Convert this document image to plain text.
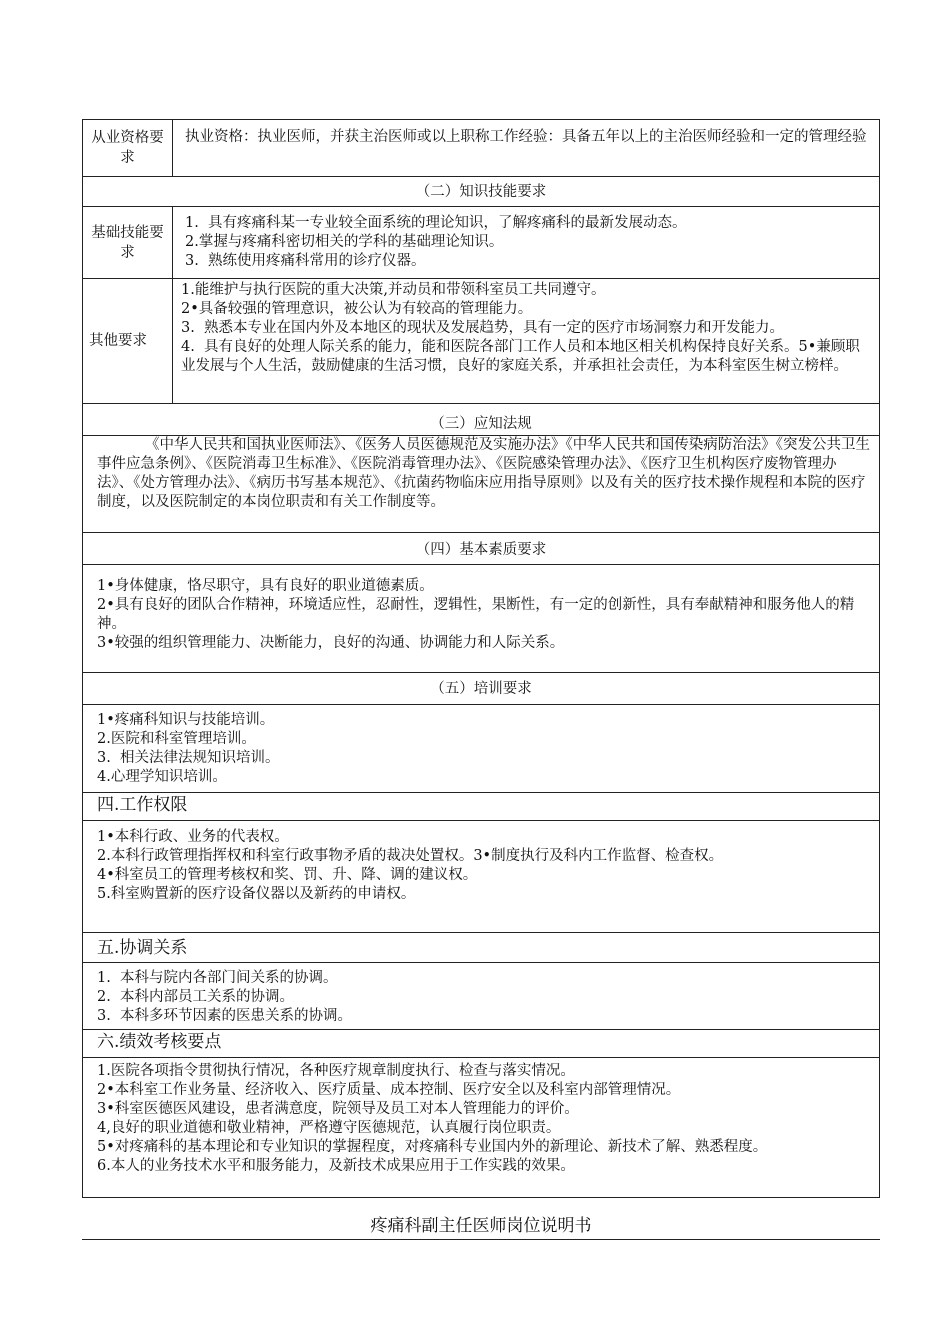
从业资格要求
执业资格：执业医师，并获主治医师或以上职称工作经验：具备五年以上的主治医师经验和一定的管理经验
（二）知识技能要求
基础技能要求
1.  具有疼痛科某一专业较全面系统的理论知识，了解疼痛科的最新发展动态。
2.掌握与疼痛科密切相关的学科的基础理论知识。
3.  熟练使用疼痛科常用的诊疗仪器。
其他要求
1.能维护与执行医院的重大决策,并动员和带领科室员工共同遵守。
2•具备较强的管理意识，被公认为有较高的管理能力。
3.  熟悉本专业在国内外及本地区的现状及发展趋势，具有一定的医疗市场洞察力和开发能力。
4.  具有良好的处理人际关系的能力，能和医院各部门工作人员和本地区相关机构保持良好关系。5•兼顾职业发展与个人生活，鼓励健康的生活习惯，良好的家庭关系，并承担社会责任，为本科室医生树立榜样。
（三）应知法规
《中华人民共和国执业医师法》、《医务人员医德规范及实施办法》《中华人民共和国传染病防治法》《突发公共卫生事件应急条例》、《医院消毒卫生标准》、《医院消毒管理办法》、《医院感染管理办法》、《医疗卫生机构医疗废物管理办法》、《处方管理办法》、《病历书写基本规范》、《抗菌药物临床应用指导原则》以及有关的医疗技术操作规程和本院的医疗制度，以及医院制定的本岗位职责和有关工作制度等。
（四）基本素质要求
1•身体健康，恪尽职守，具有良好的职业道德素质。
2•具有良好的团队合作精神，环境适应性，忍耐性，逻辑性，果断性，有一定的创新性，具有奉献精神和服务他人的精神。
3•较强的组织管理能力、决断能力，良好的沟通、协调能力和人际关系。
（五）培训要求
1•疼痛科知识与技能培训。
2.医院和科室管理培训。
3.  相关法律法规知识培训。
4.心理学知识培训。
四.工作权限
1•本科行政、业务的代表权。
2.本科行政管理指挥权和科室行政事物矛盾的裁决处置权。3•制度执行及科内工作监督、检查权。
4•科室员工的管理考核权和奖、罚、升、降、调的建议权。
5.科室购置新的医疗设备仪器以及新药的申请权。
五.协调关系
1.  本科与院内各部门间关系的协调。
2.  本科内部员工关系的协调。
3.  本科多环节因素的医患关系的协调。
六.绩效考核要点
1.医院各项指令贯彻执行情况，各种医疗规章制度执行、检查与落实情况。
2•本科室工作业务量、经济收入、医疗质量、成本控制、医疗安全以及科室内部管理情况。
3•科室医德医风建设，患者满意度，院领导及员工对本人管理能力的评价。
4,良好的职业道德和敬业精神，严格遵守医德规范，认真履行岗位职责。
5•对疼痛科的基本理论和专业知识的掌握程度，对疼痛科专业国内外的新理论、新技术了解、熟悉程度。
6.本人的业务技术水平和服务能力，及新技术成果应用于工作实践的效果。
疼痛科副主任医师岗位说明书
